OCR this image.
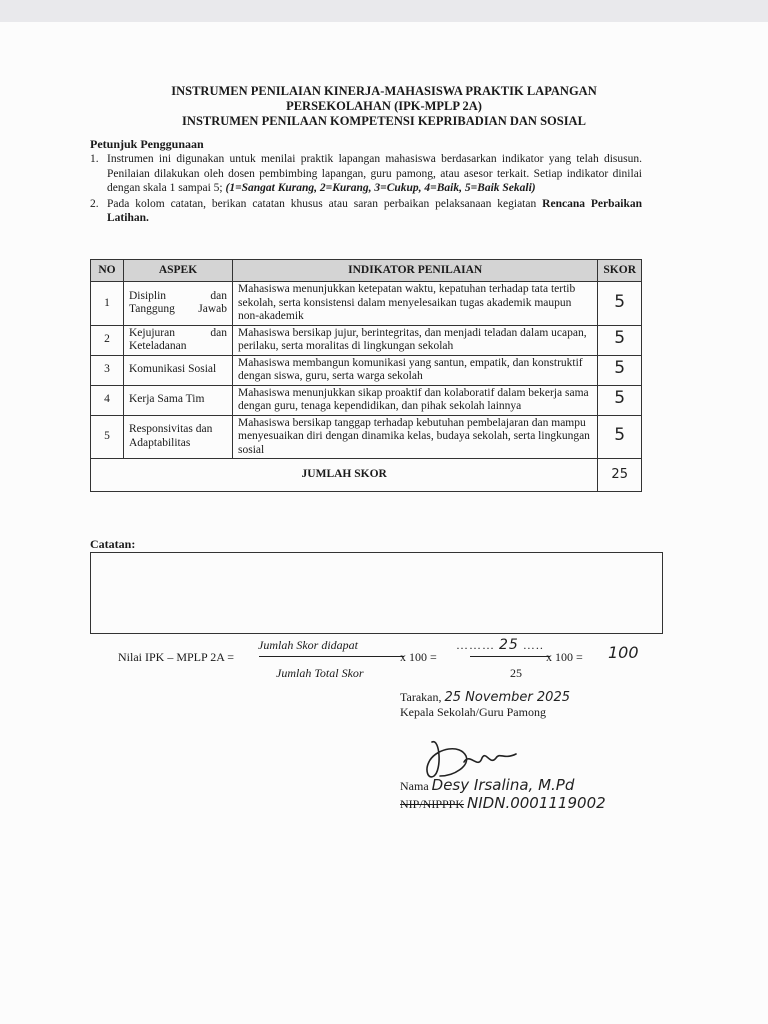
INSTRUMEN PENILAIAN KINERJA-MAHASISWA PRAKTIK LAPANGAN
PERSEKOLAHAN (IPK-MPLP 2A)
INSTRUMEN PENILAAN KOMPETENSI KEPRIBADIAN DAN SOSIAL
Petunjuk Penggunaan
1. Instrumen ini digunakan untuk menilai praktik lapangan mahasiswa berdasarkan indikator yang telah disusun. Penilaian dilakukan oleh dosen pembimbing lapangan, guru pamong, atau asesor terkait. Setiap indikator dinilai dengan skala 1 sampai 5; (1=Sangat Kurang, 2=Kurang, 3=Cukup, 4=Baik, 5=Baik Sekali)
2. Pada kolom catatan, berikan catatan khusus atau saran perbaikan pelaksanaan kegiatan Rencana Perbaikan Latihan.
NO	ASPEK	INDIKATOR PENILAIAN	SKOR
1	Disiplin dan Tanggung Jawab	Mahasiswa menunjukkan ketepatan waktu, kepatuhan terhadap tata tertib sekolah, serta konsistensi dalam menyelesaikan tugas akademik maupun non-akademik	5
2	Kejujuran dan Keteladanan	Mahasiswa bersikap jujur, berintegritas, dan menjadi teladan dalam ucapan, perilaku, serta moralitas di lingkungan sekolah	5
3	Komunikasi Sosial	Mahasiswa membangun komunikasi yang santun, empatik, dan konstruktif dengan siswa, guru, serta warga sekolah	5
4	Kerja Sama Tim	Mahasiswa menunjukkan sikap proaktif dan kolaboratif dalam bekerja sama dengan guru, tenaga kependidikan, dan pihak sekolah lainnya	5
5	Responsivitas dan Adaptabilitas	Mahasiswa bersikap tanggap terhadap kebutuhan pembelajaran dan mampu menyesuaikan diri dengan dinamika kelas, budaya sekolah, serta lingkungan sosial	5
JUMLAH SKOR			25
Catatan:
Nilai IPK – MPLP 2A =
Jumlah Skor didapat
Jumlah Total Skor
x 100 =
……… 25 …..
25
x 100 = 100
Tarakan, 25 November 2025
Kepala Sekolah/Guru Pamong
Nama Desy Irsalina, M.Pd
NIP/NIPPPK NIDN.0001119002
